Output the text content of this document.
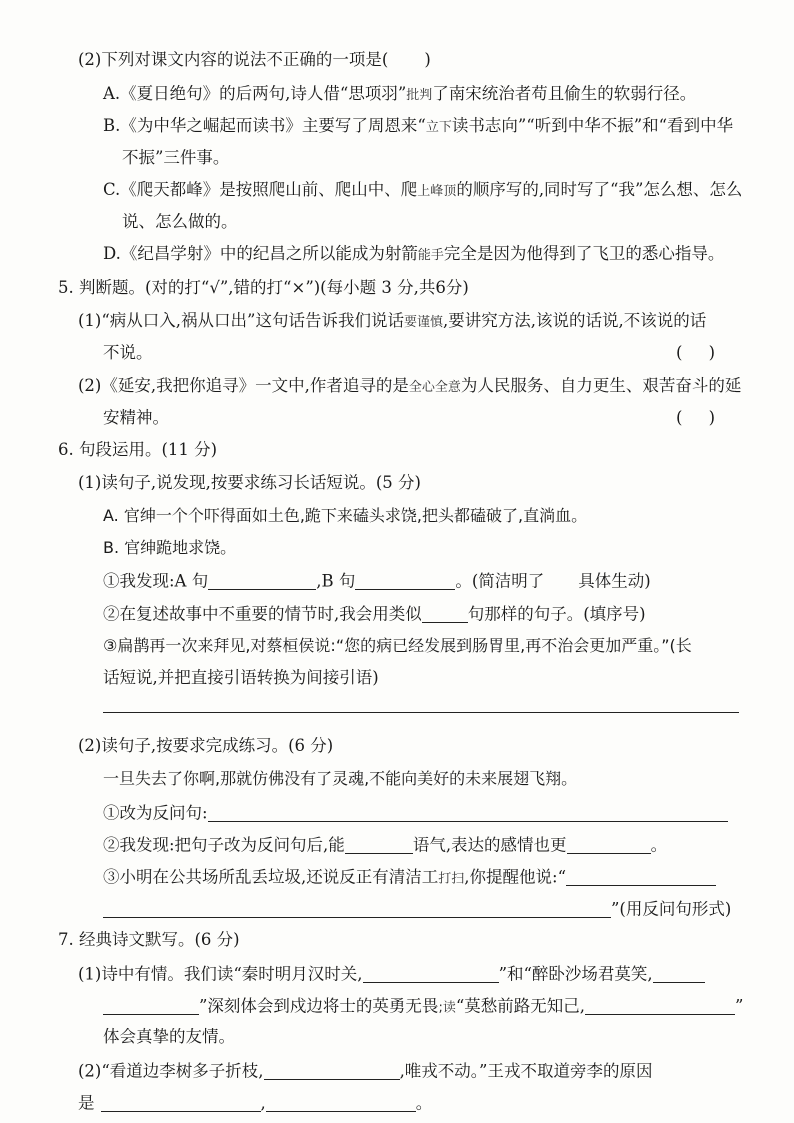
(2)下列对课文内容的说法不正确的一项是( )
A.《夏日绝句》的后两句,诗人借“思项羽”批判了南宋统治者苟且偷生的软弱行径。
B.《为中华之崛起而读书》主要写了周恩来“立下读书志向”“听到中华不振”和“看到中华
不振”三件事。
C.《爬天都峰》是按照爬山前、爬山中、爬上峰顶的顺序写的,同时写了“我”怎么想、怎么
说、怎么做的。
D.《纪昌学射》中的纪昌之所以能成为射箭能手完全是因为他得到了飞卫的悉心指导。
5. 判断题。(对的打“√”,错的打“×”)(每小题 3 分,共6分)
(1)“病从口入,祸从口出”这句话告诉我们说话要谨慎,要讲究方法,该说的话说,不该说的话
不说。	(     )
(2)《延安,我把你追寻》一文中,作者追寻的是全心全意为人民服务、自力更生、艰苦奋斗的延
安精神。	(     )
6. 句段运用。(11 分)
(1)读句子,说发现,按要求练习长话短说。(5 分)
A. 官绅一个个吓得面如土色,跪下来磕头求饶,把头都磕破了,直淌血。
B. 官绅跪地求饶。
①我发现:A 句	,B 句	。(简洁明了 具体生动)
②在复述故事中不重要的情节时,我会用类似	句那样的句子。(填序号)
③扁鹊再一次来拜见,对蔡桓侯说:“您的病已经发展到肠胃里,再不治会更加严重。”(长
话短说,并把直接引语转换为间接引语)
(2)读句子,按要求完成练习。(6 分)
一旦失去了你啊,那就仿佛没有了灵魂,不能向美好的未来展翅飞翔。
①改为反问句:
②我发现:把句子改为反问句后,能	语气,表达的感情也更	。
③小明在公共场所乱丢垃圾,还说反正有清洁工打扫,你提醒他说:“
”(用反问句形式)
7. 经典诗文默写。(6 分)
(1)诗中有情。我们读“秦时明月汉时关,	”和“醉卧沙场君莫笑,
”深刻体会到戍边将士的英勇无畏;读“莫愁前路无知己,	”
体会真挚的友情。
(2)“看道边李树多子折枝,	,唯戎不动。”王戎不取道旁李的原因
是	,	。
